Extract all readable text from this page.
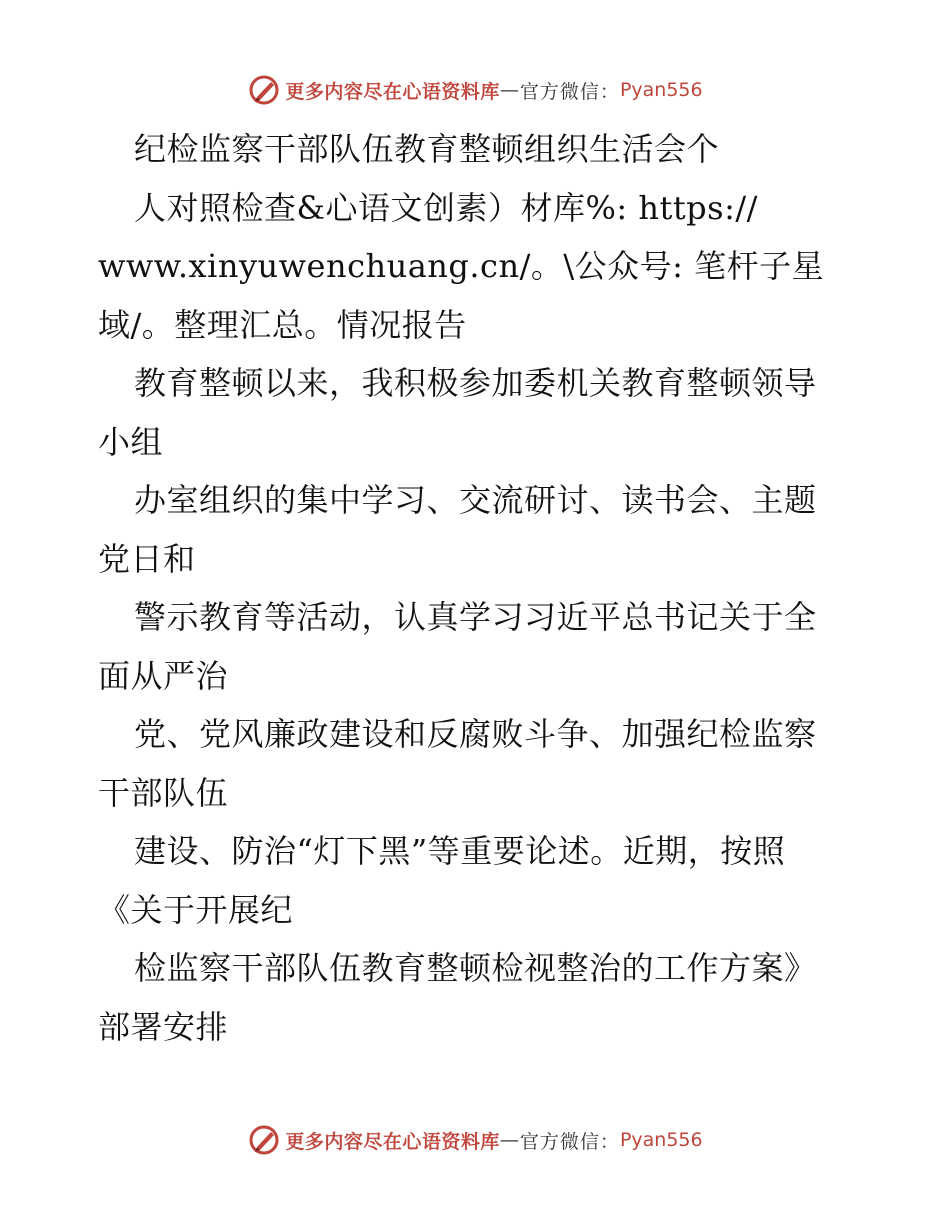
更多内容尽在心语资料库 — 官方微信： Pyan556
纪检监察干部队伍教育整顿组织生活会个
人对照检查&心语文创素）材库%: https://
www.xinyuwenchuang.cn/。\公众号: 笔杆子星
域/。整理汇总。情况报告
教育整顿以来，我积极参加委机关教育整顿领导
小组
办室组织的集中学习、交流研讨、读书会、主题
党日和
警示教育等活动，认真学习习近平总书记关于全
面从严治
党、党风廉政建设和反腐败斗争、加强纪检监察
干部队伍
建设、防治“灯下黑”等重要论述。近期，按照
《关于开展纪
检监察干部队伍教育整顿检视整治的工作方案》
部署安排
更多内容尽在心语资料库 — 官方微信： Pyan556
